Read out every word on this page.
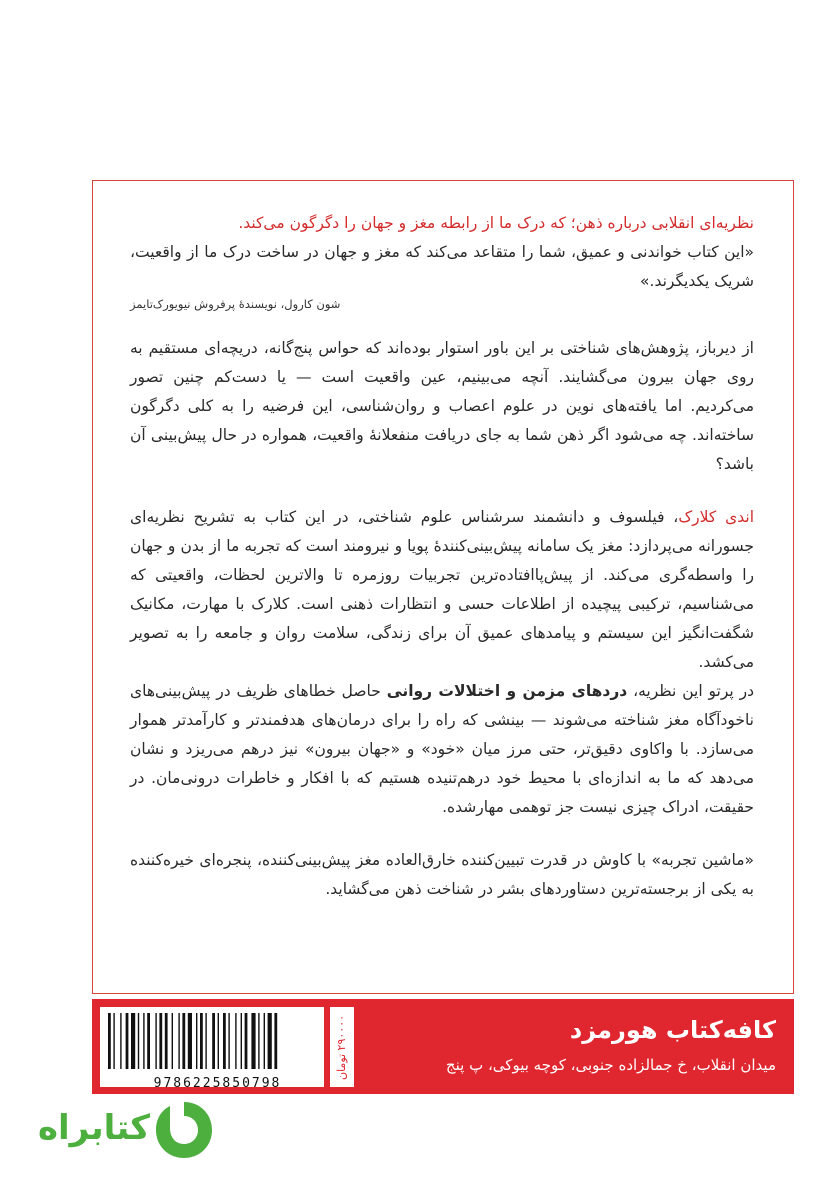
نظریه‌ای انقلابی درباره ذهن؛ که درک ما از رابطه مغز و جهان را دگرگون می‌کند.

«این کتاب خواندنی و عمیق، شما را متقاعد می‌کند که مغز و جهان در ساخت درک ما از واقعیت، شریک یکدیگرند.»

شون کارول، نویسندۀ پرفروش نیویورک‌تایمز

از دیرباز، پژوهش‌های شناختی بر این باور استوار بوده‌اند که حواس پنج‌گانه، دریچه‌ای مستقیم به روی جهان بیرون می‌گشایند. آنچه می‌بینیم، عین واقعیت است — یا دست‌کم چنین تصور می‌کردیم. اما یافته‌های نوین در علوم اعصاب و روان‌شناسی، این فرضیه را به کلی دگرگون ساخته‌اند. چه می‌شود اگر ذهن شما به جای دریافت منفعلانهٔ واقعیت، همواره در حال پیش‌بینی آن باشد؟

اندی کلارک، فیلسوف و دانشمند سرشناس علوم شناختی، در این کتاب به تشریح نظریه‌ای جسورانه می‌پردازد: مغز یک سامانه پیش‌بینی‌کنندهٔ پویا و نیرومند است که تجربه ما از بدن و جهان را واسطه‌گری می‌کند. از پیش‌پاافتاده‌ترین تجربیات روزمره تا والاترین لحظات، واقعیتی که می‌شناسیم، ترکیبی پیچیده از اطلاعات حسی و انتظارات ذهنی است. کلارک با مهارت، مکانیک شگفت‌انگیز این سیستم و پیامدهای عمیق آن برای زندگی، سلامت روان و جامعه را به تصویر می‌کشد.

در پرتو این نظریه، دردهای مزمن و اختلالات روانی حاصل خطاهای ظریف در پیش‌بینی‌های ناخودآگاه مغز شناخته می‌شوند — بینشی که راه را برای درمان‌های هدفمندتر و کارآمدتر هموار می‌سازد. با واکاوی دقیق‌تر، حتی مرز میان «خود» و «جهان بیرون» نیز درهم می‌ریزد و نشان می‌دهد که ما به اندازه‌ای با محیط خود درهم‌تنیده هستیم که با افکار و خاطرات درونی‌مان. در حقیقت، ادراک چیزی نیست جز توهمی مهارشده.

«ماشین تجربه» با کاوش در قدرت تبیین‌کننده خارق‌العاده مغز پیش‌بینی‌کننده، پنجره‌ای خیره‌کننده به یکی از برجسته‌ترین دستاوردهای بشر در شناخت ذهن می‌گشاید.

9786225850798
۲۹۰۰۰۰ تومان	کافه‌کتاب هورمزد
میدان انقلاب، خ جمالزاده جنوبی، کوچه بیوکی، پ پنج
کتابراه
